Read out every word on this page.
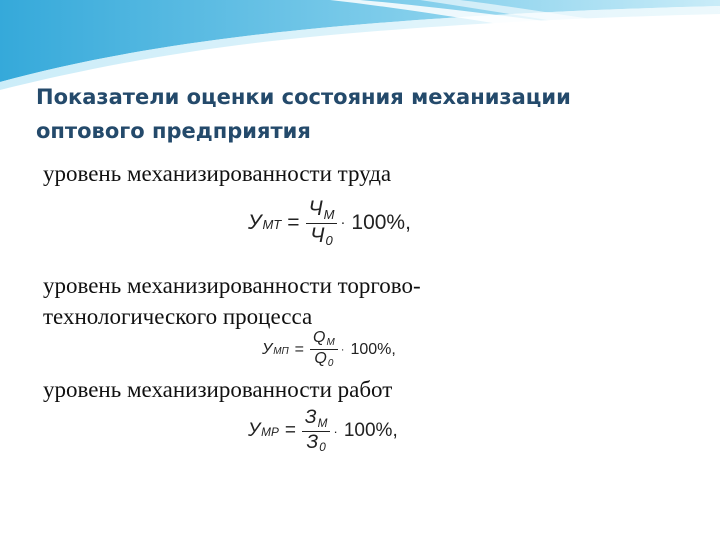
Показатели оценки состояния механизации
оптового предприятия
уровень механизированности труда
У МТ = $\frac{Ч_М}{Ч_0} \cdot 100\%$,
уровень механизированности торгово-
технологического процесса
У МП = $\frac{Q_М}{Q_0} \cdot 100\%$,
уровень механизированности работ
У МР = $\frac{З_М}{З_0} \cdot 100\%$,
